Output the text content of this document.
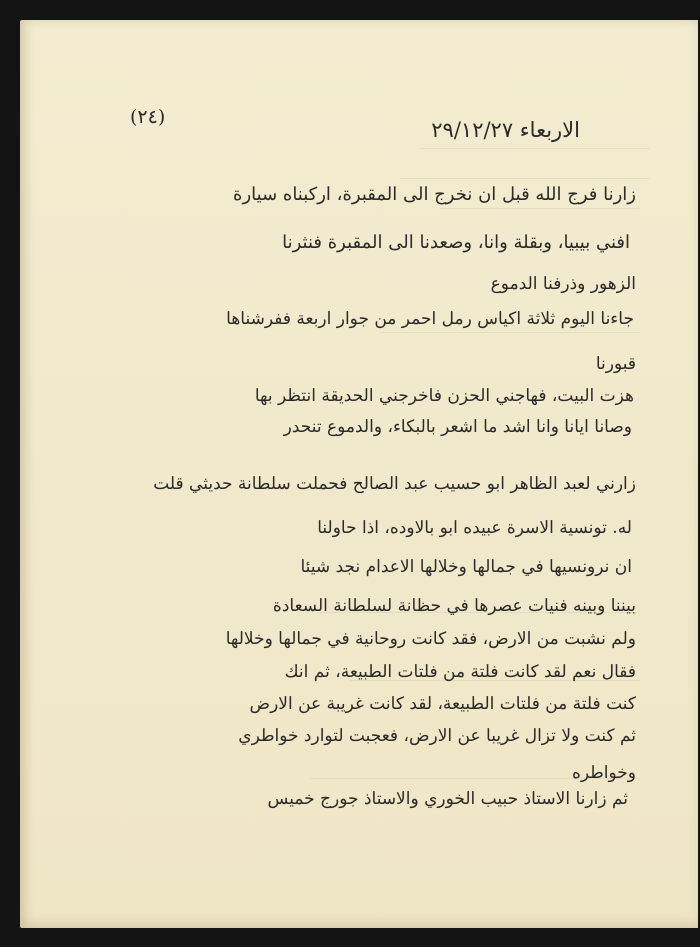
(٢٤)
الاربعاء ٢٩/١٢/٢٧
زارنا فرج الله قبل ان نخرج الى المقبرة، اركبناه سيارة
افني بيبيا، وبقلة وانا، وصعدنا الى المقبرة فنثرنا
الزهور وذرفنا الدموع
جاءنا اليوم ثلاثة اكياس رمل احمر من جوار اربعة ففرشناها
قبورنا
هزت البيت، فهاجني الحزن فاخرجني الحديقة انتظر بها
وصانا ايانا وانا اشد ما اشعر بالبكاء، والدموع تنحدر
زارني لعبد الظاهر ابو حسيب عبد الصالح فحملت سلطانة حديثي قلت
له. تونسية الاسرة عبيده ابو بالاوده، اذا حاولنا
ان نرونسيها في جمالها وخلالها الاعدام نجد شيئا
بيننا وبينه فنيات عصرها في حظانة لسلطانة السعادة
ولم نشبت من الارض، فقد كانت روحانية في جمالها وخلالها
فقال نعم لقد كانت فلتة من فلتات الطبيعة، ثم انك
كنت فلتة من فلتات الطبيعة، لقد كانت غريبة عن الارض
ثم كنت ولا تزال غريبا عن الارض، فعجبت لتوارد خواطري
وخواطره
ثم زارنا الاستاذ حبيب الخوري والاستاذ جورج خميس
